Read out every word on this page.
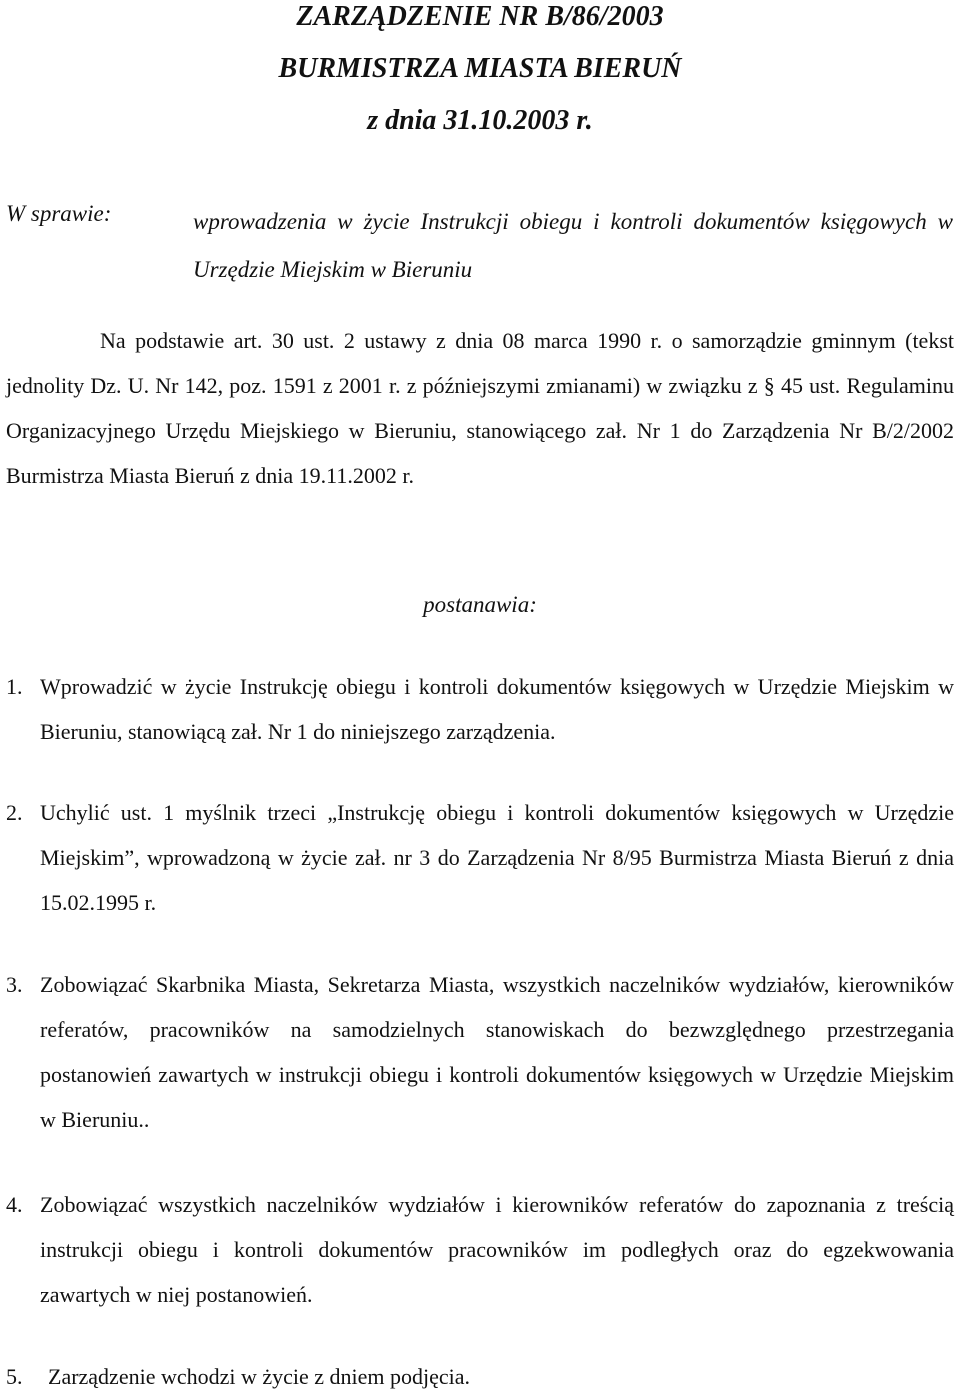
ZARZĄDZENIE NR B/86/2003
BURMISTRZA MIASTA BIERUŃ
z dnia 31.10.2003 r.
W sprawie:	wprowadzenia w życie Instrukcji obiegu i kontroli dokumentów księgowych w Urzędzie Miejskim w Bieruniu
Na podstawie art. 30 ust. 2 ustawy z dnia 08 marca 1990 r. o samorządzie gminnym (tekst jednolity Dz. U. Nr 142, poz. 1591 z 2001 r. z późniejszymi zmianami) w związku z § 45 ust. Regulaminu Organizacyjnego Urzędu Miejskiego w Bieruniu, stanowiącego zał. Nr 1 do Zarządzenia Nr B/2/2002 Burmistrza Miasta Bieruń z dnia 19.11.2002 r.
postanawia:
1. Wprowadzić w życie Instrukcję obiegu i kontroli dokumentów księgowych w Urzędzie Miejskim w Bieruniu, stanowiącą zał. Nr 1 do niniejszego zarządzenia.
2. Uchylić ust. 1 myślnik trzeci „Instrukcję obiegu i kontroli dokumentów księgowych w Urzędzie Miejskim”, wprowadzoną w życie zał. nr 3 do Zarządzenia Nr 8/95 Burmistrza Miasta Bieruń z dnia 15.02.1995 r.
3. Zobowiązać Skarbnika Miasta, Sekretarza Miasta, wszystkich naczelników wydziałów, kierowników referatów, pracowników na samodzielnych stanowiskach do bezwzględnego przestrzegania postanowień zawartych w instrukcji obiegu i kontroli dokumentów księgowych w Urzędzie Miejskim w Bieruniu..
4. Zobowiązać wszystkich naczelników wydziałów i kierowników referatów do zapoznania z treścią instrukcji obiegu i kontroli dokumentów pracowników im podległych oraz do egzekwowania zawartych w niej postanowień.
5. Zarządzenie wchodzi w życie z dniem podjęcia.
